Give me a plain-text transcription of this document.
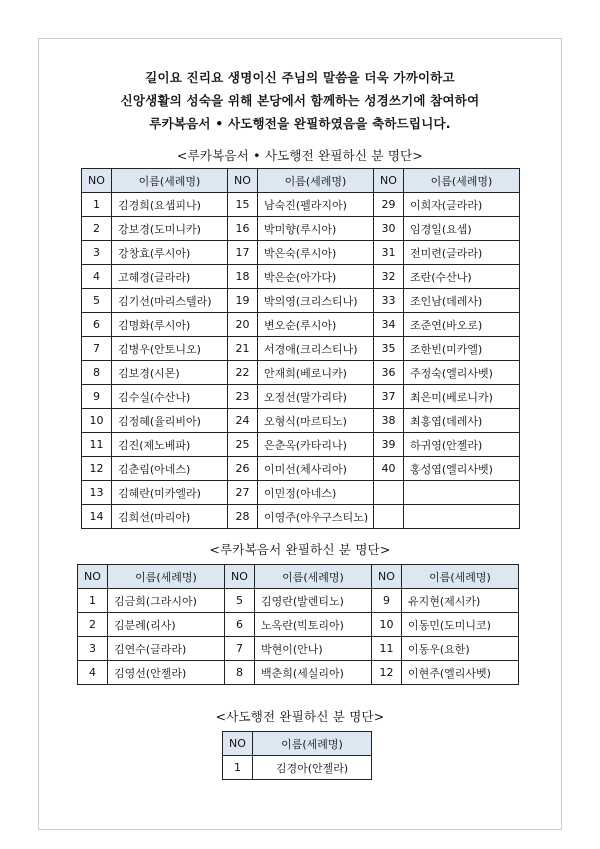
길이요 진리요 생명이신 주님의 말씀을 더욱 가까이하고
신앙생활의 성숙을 위해 본당에서 함께하는 성경쓰기에 참여하여
루카복음서 • 사도행전을 완필하였음을 축하드립니다.
<루카복음서 • 사도행전 완필하신 분 명단>
NO	이름(세례명)	NO	이름(세례명)	NO	이름(세례명)
1	김경희(요셉피나)	15	남숙진(펠라지아)	29	이희자(글라라)
2	강보경(도미니카)	16	박미향(루시아)	30	임경일(요셉)
3	강창효(루시아)	17	박은숙(루시아)	31	전미련(글라라)
4	고혜경(글라라)	18	박은순(아가다)	32	조란(수산나)
5	김기선(마리스텔라)	19	박의영(크리스티나)	33	조인남(데레사)
6	김명화(루시아)	20	변오순(루시아)	34	조준연(바오로)
7	김병우(안토니오)	21	서경애(크리스티나)	35	조한빈(미카엘)
8	김보경(시몬)	22	안재희(베로니카)	36	주정숙(엘리사벳)
9	김수실(수산나)	23	오정선(말가리타)	37	최은미(베로니카)
10	김정혜(율리비아)	24	오형식(마르티노)	38	최홍엽(데레사)
11	김진(제노베파)	25	은춘옥(카타리나)	39	하귀영(안젤라)
12	김춘림(아네스)	26	이미선(체사리아)	40	홍성엽(엘리사벳)
13	김혜란(미카엘라)	27	이민정(아네스)		
14	김희선(마리아)	28	이영주(아우구스티노)		
<루카복음서 완필하신 분 명단>
NO	이름(세례명)	NO	이름(세례명)	NO	이름(세례명)
1	김금희(그라시아)	5	김영란(발렌티노)	9	유지현(제시카)
2	김분례(리사)	6	노옥란(빅토리아)	10	이동민(도미니코)
3	김연수(글라라)	7	박현이(안나)	11	이동우(요한)
4	김영선(안젤라)	8	백춘희(세실리아)	12	이현주(엘리사벳)
<사도행전 완필하신 분 명단>
NO	이름(세례명)
1	김경아(안젤라)
